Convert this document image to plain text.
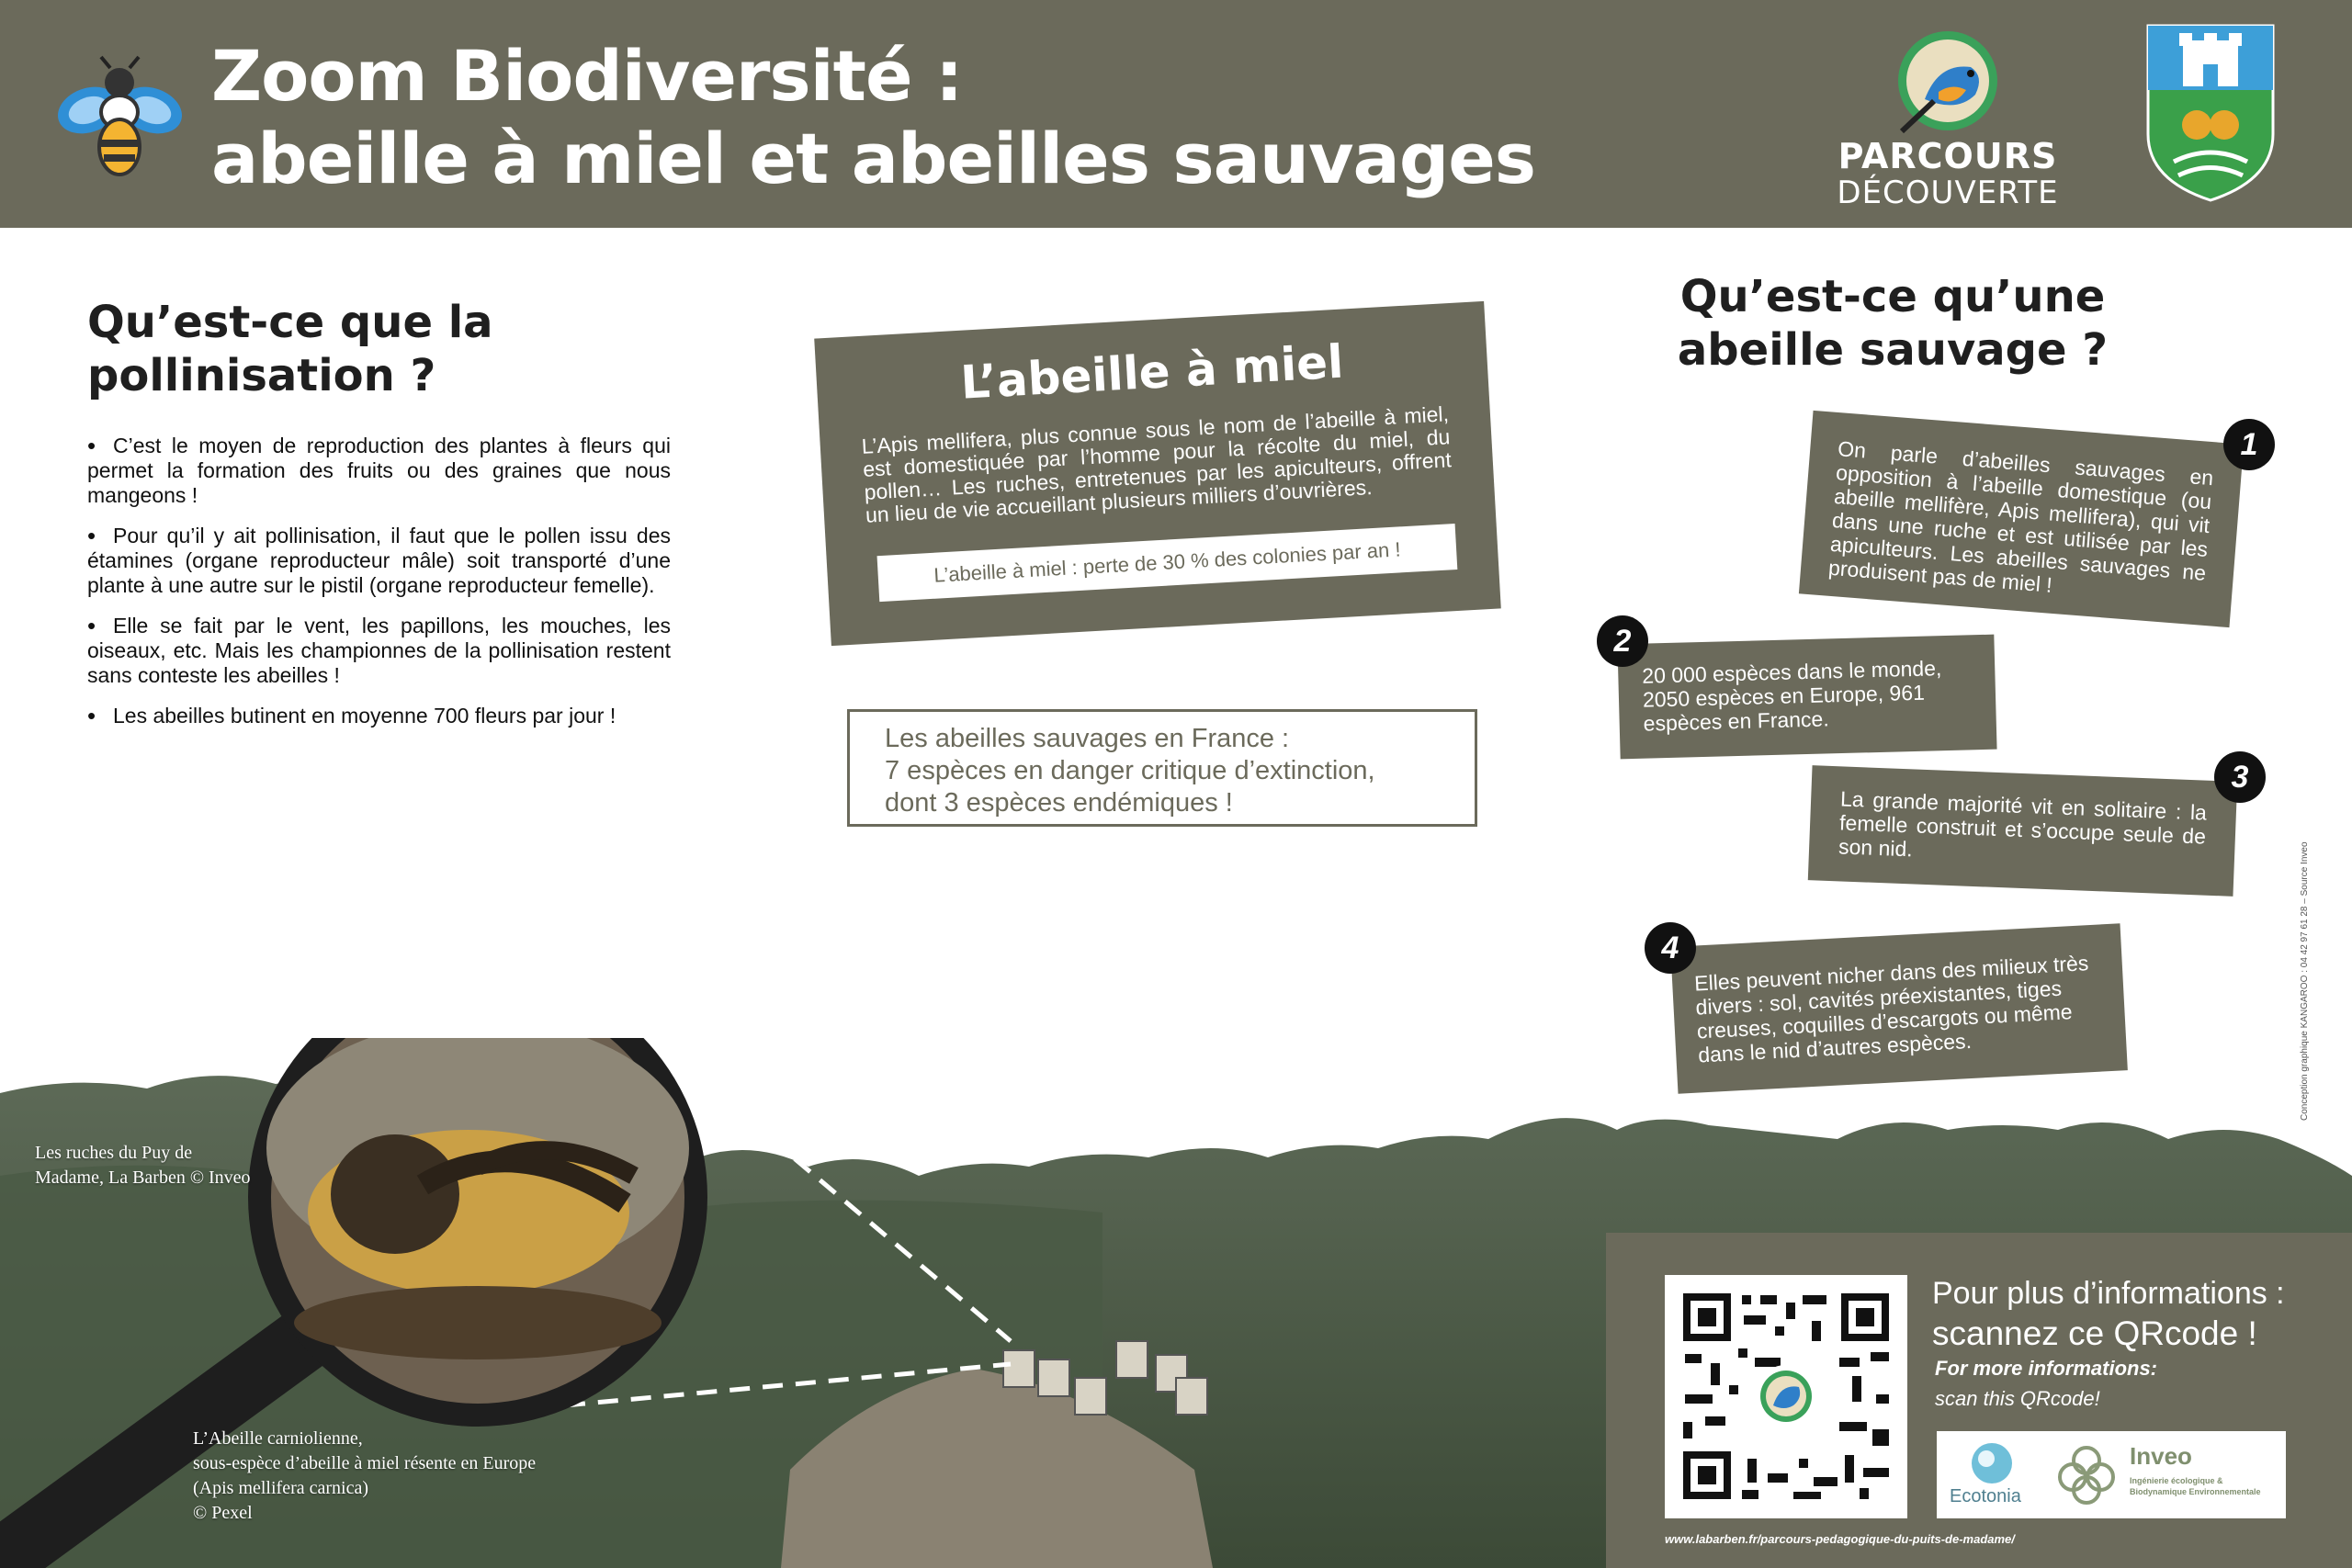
Zoom Biodiversité :
abeille à miel et abeilles sauvages	PARCOURS
DÉCOUVERTE
Qu’est-ce que la pollinisation ?
• C’est le moyen de reproduction des plantes à fleurs qui permet la formation des fruits ou des graines que nous mangeons !
• Pour qu’il y ait pollinisation, il faut que le pollen issu des étamines (organe reproducteur mâle) soit transporté d’une plante à une autre sur le pistil (organe reproducteur femelle).
• Elle se fait par le vent, les papillons, les mouches, les oiseaux, etc. Mais les championnes de la pollinisation restent sans conteste les abeilles !
• Les abeilles butinent en moyenne 700 fleurs par jour !
L’abeille à miel
L’Apis mellifera, plus connue sous le nom de l’abeille à miel, est domestiquée par l’homme pour la récolte du miel, du pollen… Les ruches, entretenues par les apiculteurs, offrent un lieu de vie accueillant plusieurs milliers d’ouvrières.
L’abeille à miel : perte de 30 % des colonies par an !
Les abeilles sauvages en France :
7 espèces en danger critique d’extinction,
dont 3 espèces endémiques !
Qu’est-ce qu’une abeille sauvage ?
On parle d’abeilles sauvages en opposition à l’abeille domestique (ou abeille mellifère, Apis mellifera), qui vit dans une ruche et est utilisée par les apiculteurs. Les abeilles sauvages ne produisent pas de miel !
20 000 espèces dans le monde, 2050 espèces en Europe, 961 espèces en France.
La grande majorité vit en solitaire : la femelle construit et s’occupe seule de son nid.
Elles peuvent nicher dans des milieux très divers : sol, cavités préexistantes, tiges creuses, coquilles d’escargots ou même dans le nid d’autres espèces.
1
2
3
4	Conception graphique KANGAROO : 04 42 97 61 28 – Source Inveo
Les ruches du Puy de Madame, La Barben © Inveo
L’Abeille carniolienne,
sous-espèce d’abeille à miel résente en Europe
(Apis mellifera carnica)
© Pexel
Pour plus d’informations :
scannez ce QRcode !
For more informations:
scan this QRcode!
Ecotonia
Inveo
Ingénierie écologique & Biodynamique Environnementale
www.labarben.fr/parcours-pedagogique-du-puits-de-madame/
